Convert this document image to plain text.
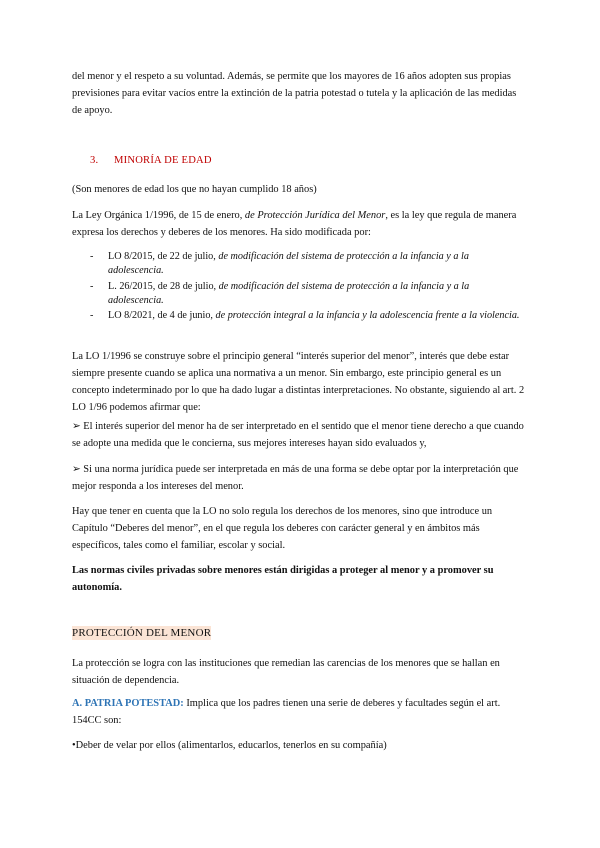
del menor y el respeto a su voluntad. Además, se permite que los mayores de 16 años adopten sus propias previsiones para evitar vacíos entre la extinción de la patria potestad o tutela y la aplicación de las medidas de apoyo.

3. MINORÍA DE EDAD

(Son menores de edad los que no hayan cumplido 18 años)

La Ley Orgánica 1/1996, de 15 de enero, de Protección Jurídica del Menor, es la ley que regula de manera expresa los derechos y deberes de los menores. Ha sido modificada por:

- LO 8/2015, de 22 de julio, de modificación del sistema de protección a la infancia y a la adolescencia.
- L. 26/2015, de 28 de julio, de modificación del sistema de protección a la infancia y a la adolescencia.
- LO 8/2021, de 4 de junio, de protección integral a la infancia y la adolescencia frente a la violencia.

La LO 1/1996 se construye sobre el principio general “interés superior del menor”, interés que debe estar siempre presente cuando se aplica una normativa a un menor. Sin embargo, este principio general es un concepto indeterminado por lo que ha dado lugar a distintas interpretaciones. No obstante, siguiendo al art. 2 LO 1/96 podemos afirmar que:

➢ El interés superior del menor ha de ser interpretado en el sentido que el menor tiene derecho a que cuando se adopte una medida que le concierna, sus mejores intereses hayan sido evaluados y,

➢ Si una norma jurídica puede ser interpretada en más de una forma se debe optar por la interpretación que mejor responda a los intereses del menor.

Hay que tener en cuenta que la LO no solo regula los derechos de los menores, sino que introduce un Capítulo “Deberes del menor”, en el que regula los deberes con carácter general y en ámbitos más específicos, tales como el familiar, escolar y social.

Las normas civiles privadas sobre menores están dirigidas a proteger al menor y a promover su autonomía.

PROTECCIÓN DEL MENOR

La protección se logra con las instituciones que remedian las carencias de los menores que se hallan en situación de dependencia.

A. PATRIA POTESTAD: Implica que los padres tienen una serie de deberes y facultades según el art. 154CC son:

•Deber de velar por ellos (alimentarlos, educarlos, tenerlos en su compañía)
